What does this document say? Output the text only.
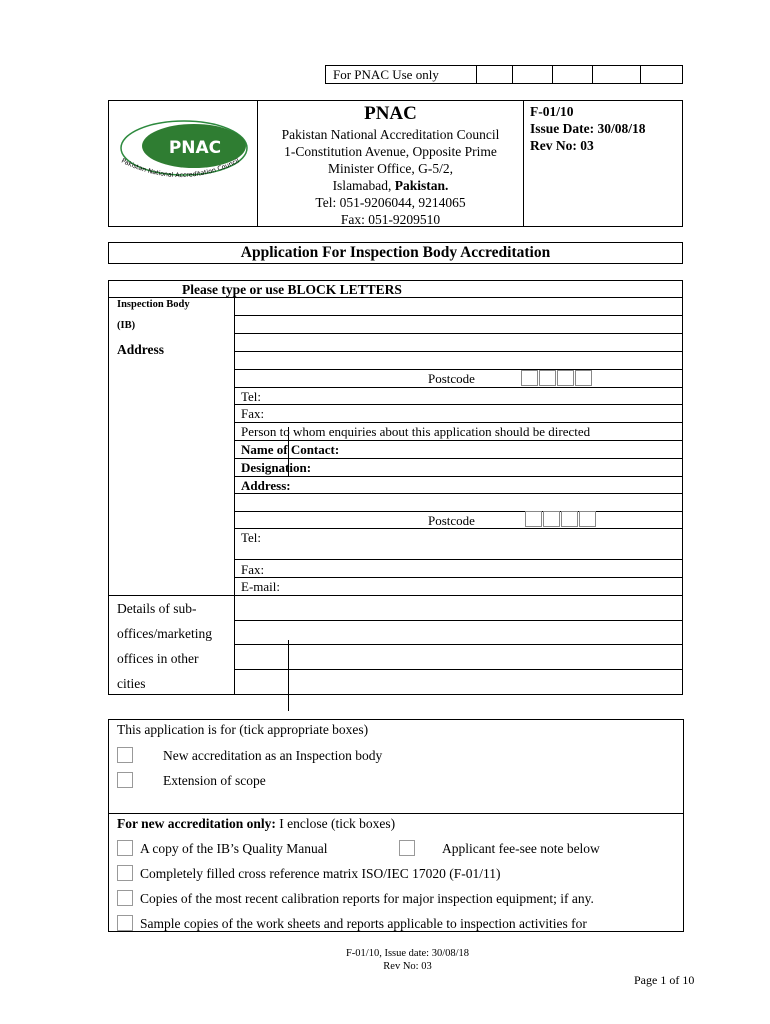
For PNAC Use only
PNAC
Pakistan National Accreditation Council
PNAC
Pakistan National Accreditation Council
1-Constitution Avenue, Opposite Prime
Minister Office, G-5/2,
Islamabad, Pakistan.
Tel: 051-9206044, 9214065
Fax: 051-9209510
F-01/10
Issue Date: 30/08/18
Rev No: 03
Application For Inspection Body Accreditation
Please type or use BLOCK LETTERS
Inspection Body
(IB)
Address
Postcode
Tel:
Fax:
Person to whom enquiries about this application should be directed
Name of Contact:
Designation:
Address:
Postcode
Tel:
Fax:
E-mail:
Details of sub-
offices/marketing
offices in other
cities
This application is for (tick appropriate boxes)
New accreditation as an Inspection body
Extension of scope
For new accreditation only: I enclose (tick boxes)
A copy of the IB’s Quality Manual	Applicant fee-see note below
Completely filled cross reference matrix ISO/IEC 17020 (F-01/11)
Copies of the most recent calibration reports for major inspection equipment; if any.
Sample copies of the work sheets and reports applicable to inspection activities for
F-01/10, Issue date: 30/08/18
Rev No: 03
Page 1 of 10
